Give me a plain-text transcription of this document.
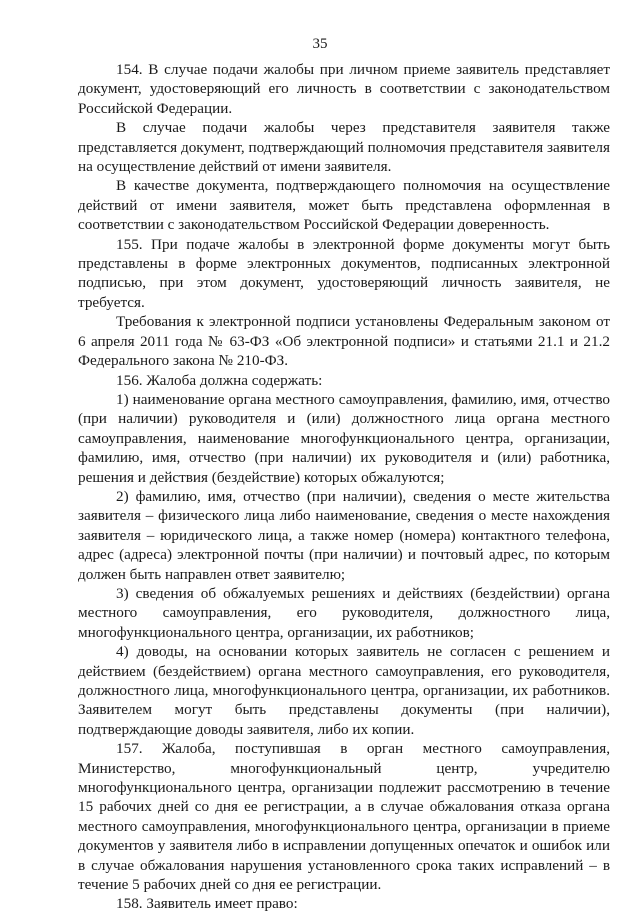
35

154. В случае подачи жалобы при личном приеме заявитель представляет документ, удостоверяющий его личность в соответствии с законодательством Российской Федерации.

В случае подачи жалобы через представителя заявителя также представляется документ, подтверждающий полномочия представителя заявителя на осуществление действий от имени заявителя.

В качестве документа, подтверждающего полномочия на осуществление действий от имени заявителя, может быть представлена оформленная в соответствии с законодательством Российской Федерации доверенность.

155. При подаче жалобы в электронной форме документы могут быть представлены в форме электронных документов, подписанных электронной подписью, при этом документ, удостоверяющий личность заявителя, не требуется.

Требования к электронной подписи установлены Федеральным законом от 6 апреля 2011 года № 63-ФЗ «Об электронной подписи» и статьями 21.1 и 21.2 Федерального закона № 210-ФЗ.

156. Жалоба должна содержать:

1) наименование органа местного самоуправления, фамилию, имя, отчество (при наличии) руководителя и (или) должностного лица органа местного самоуправления, наименование многофункционального центра, организации, фамилию, имя, отчество (при наличии) их руководителя и (или) работника, решения и действия (бездействие) которых обжалуются;

2) фамилию, имя, отчество (при наличии), сведения о месте жительства заявителя – физического лица либо наименование, сведения о месте нахождения заявителя – юридического лица, а также номер (номера) контактного телефона, адрес (адреса) электронной почты (при наличии) и почтовый адрес, по которым должен быть направлен ответ заявителю;

3) сведения об обжалуемых решениях и действиях (бездействии) органа местного самоуправления, его руководителя, должностного лица, многофункционального центра, организации, их работников;

4) доводы, на основании которых заявитель не согласен с решением и действием (бездействием) органа местного самоуправления, его руководителя, должностного лица, многофункционального центра, организации, их работников. Заявителем могут быть представлены документы (при наличии), подтверждающие доводы заявителя, либо их копии.

157. Жалоба, поступившая в орган местного самоуправления, Министерство, многофункциональный центр, учредителю многофункционального центра, организации подлежит рассмотрению в течение 15 рабочих дней со дня ее регистрации, а в случае обжалования отказа органа местного самоуправления, многофункционального центра, организации в приеме документов у заявителя либо в исправлении допущенных опечаток и ошибок или в случае обжалования нарушения установленного срока таких исправлений – в течение 5 рабочих дней со дня ее регистрации.

158. Заявитель имеет право:
